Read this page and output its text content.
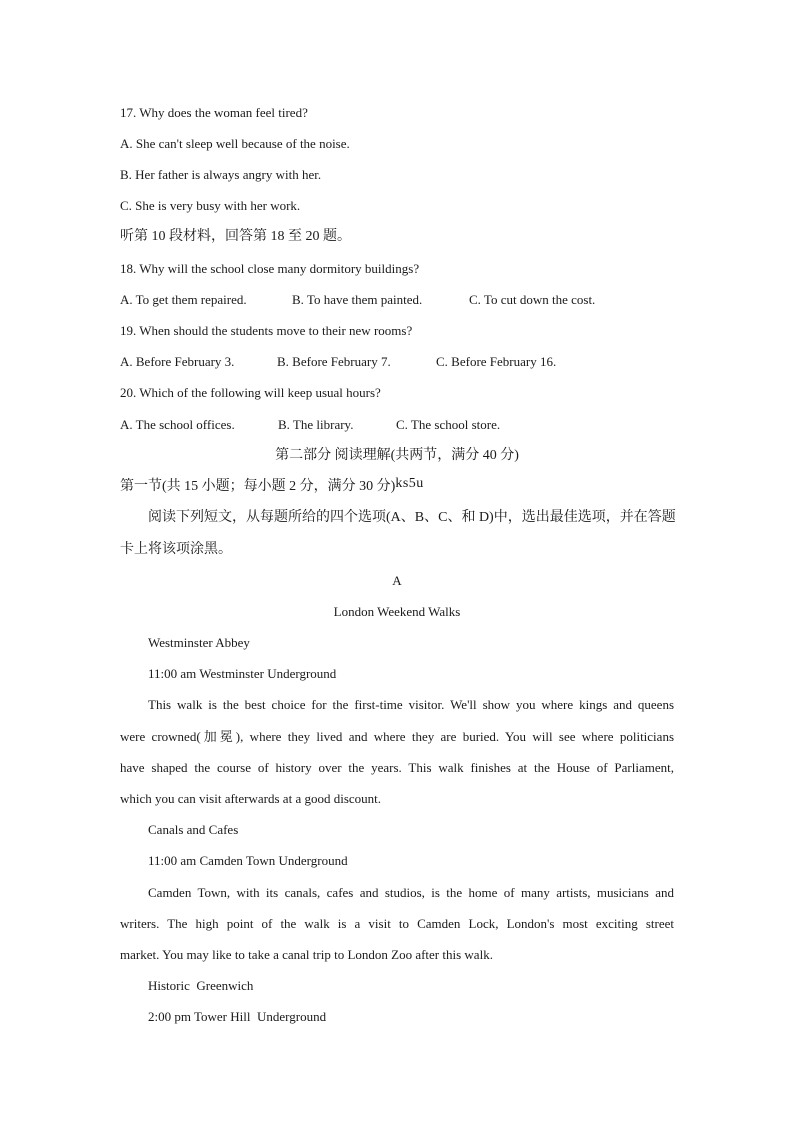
17. Why does the woman feel tired?
A. She can't sleep well because of the noise.
B. Her father is always angry with her.
C. She is very busy with her work.
听第 10 段材料，回答第 18 至 20 题。
18. Why will the school close many dormitory buildings?
A. To get them repaired.	B. To have them painted.	C. To cut down the cost.
19. When should the students move to their new rooms?
A. Before February 3.	B. Before February 7.	C. Before February 16.
20. Which of the following will keep usual hours?
A. The school offices.	B. The library.	C. The school store.
第二部分 阅读理解(共两节，满分 40 分)
第一节(共 15 小题；每小题 2 分，满分 30 分)ks5u
阅读下列短文，从每题所给的四个选项(A、B、C、和 D)中，选出最佳选项，并在答题
卡上将该项涂黑。
A
London Weekend Walks
Westminster Abbey
11:00 am Westminster Underground
This walk is the best choice for the first-time visitor. We'll show you where kings and queens
were crowned(加冕), where they lived and where they are buried. You will see where politicians
have shaped the course of history over the years. This walk finishes at the House of Parliament,
which you can visit afterwards at a good discount.
Canals and Cafes
11:00 am Camden Town Underground
Camden Town, with its canals, cafes and studios, is the home of many artists, musicians and
writers. The high point of the walk is a visit to Camden Lock, London's most exciting street
market. You may like to take a canal trip to London Zoo after this walk.
Historic  Greenwich
2:00 pm Tower Hill  Underground
